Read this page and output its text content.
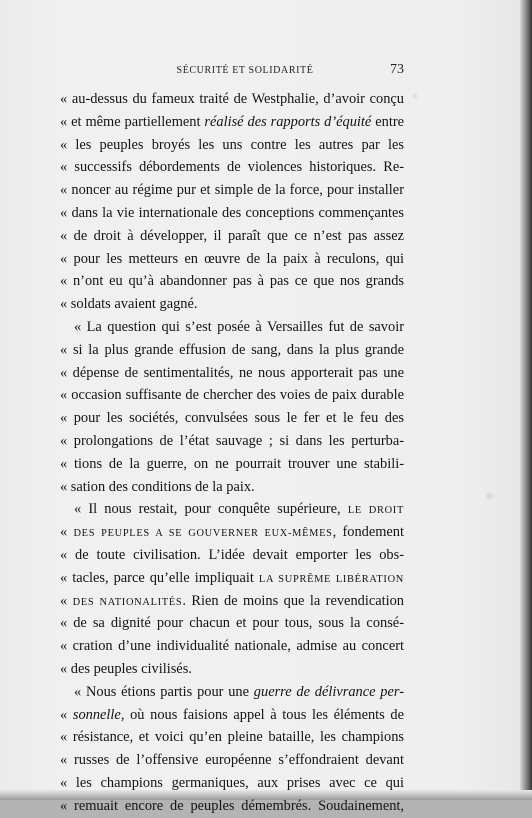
SÉCURITÉ ET SOLIDARITÉ	73
« au-dessus du fameux traité de Westphalie, d’avoir conçu
« et même partiellement réalisé des rapports d’équité entre
« les peuples broyés les uns contre les autres par les
« successifs débordements de violences historiques. Re-
« noncer au régime pur et simple de la force, pour installer
« dans la vie internationale des conceptions commençantes
« de droit à développer, il paraît que ce n’est pas assez
« pour les metteurs en œuvre de la paix à reculons, qui
« n’ont eu qu’à abandonner pas à pas ce que nos grands
« soldats avaient gagné.
« La question qui s’est posée à Versailles fut de savoir
« si la plus grande effusion de sang, dans la plus grande
« dépense de sentimentalités, ne nous apporterait pas une
« occasion suffisante de chercher des voies de paix durable
« pour les sociétés, convulsées sous le fer et le feu des
« prolongations de l’état sauvage ; si dans les perturba-
« tions de la guerre, on ne pourrait trouver une stabili-
« sation des conditions de la paix.
« Il nous restait, pour conquête supérieure, LE DROIT
« DES PEUPLES A SE GOUVERNER EUX-MÊMES, fondement
« de toute civilisation. L’idée devait emporter les obs-
« tacles, parce qu’elle impliquait LA SUPRÊME LIBÉRATION
« DES NATIONALITÉS. Rien de moins que la revendication
« de sa dignité pour chacun et pour tous, sous la consé-
« cration d’une individualité nationale, admise au concert
« des peuples civilisés.
« Nous étions partis pour une guerre de délivrance per-
« sonnelle, où nous faisions appel à tous les éléments de
« résistance, et voici qu’en pleine bataille, les champions
« russes de l’offensive européenne s’effondraient devant
« les champions germaniques, aux prises avec ce qui
« remuait encore de peuples démembrés. Soudainement,
